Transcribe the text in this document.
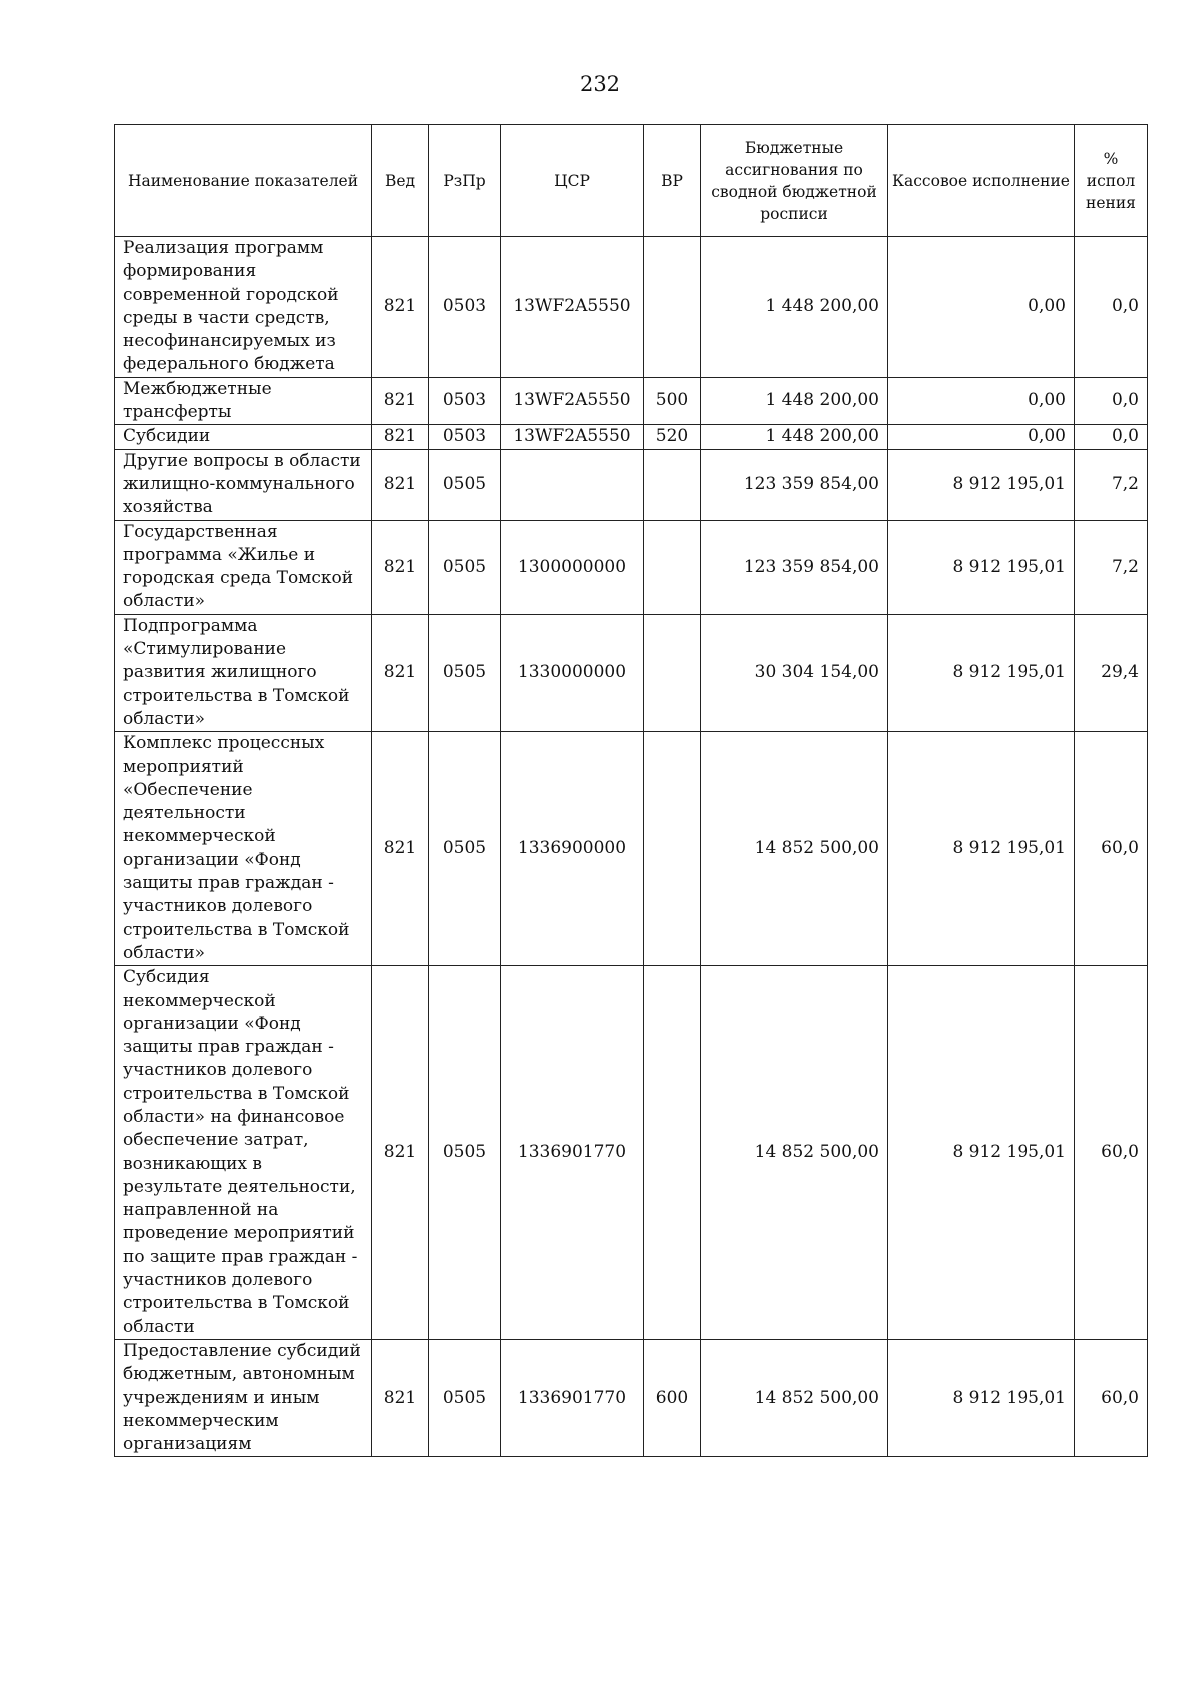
232
Наименование показателей	Вед	РзПр	ЦСР	ВР	Бюджетные ассигнования по сводной бюджетной росписи	Кассовое исполнение	% испол нения
Реализация программ формирования современной городской среды в части средств, несофинансируемых из федерального бюджета	821	0503	13WF2A5550		1 448 200,00	0,00	0,0
Межбюджетные трансферты	821	0503	13WF2A5550	500	1 448 200,00	0,00	0,0
Субсидии	821	0503	13WF2A5550	520	1 448 200,00	0,00	0,0
Другие вопросы в области жилищно-коммунального хозяйства	821	0505			123 359 854,00	8 912 195,01	7,2
Государственная программа «Жилье и городская среда Томской области»	821	0505	1300000000		123 359 854,00	8 912 195,01	7,2
Подпрограмма «Стимулирование развития жилищного строительства в Томской области»	821	0505	1330000000		30 304 154,00	8 912 195,01	29,4
Комплекс процессных мероприятий «Обеспечение деятельности некоммерческой организации «Фонд защиты прав граждан - участников долевого строительства в Томской области»	821	0505	1336900000		14 852 500,00	8 912 195,01	60,0
Субсидия некоммерческой организации «Фонд защиты прав граждан - участников долевого строительства в Томской области» на финансовое обеспечение затрат, возникающих в результате деятельности, направленной на проведение мероприятий по защите прав граждан - участников долевого строительства в Томской области	821	0505	1336901770		14 852 500,00	8 912 195,01	60,0
Предоставление субсидий бюджетным, автономным учреждениям и иным некоммерческим организациям	821	0505	1336901770	600	14 852 500,00	8 912 195,01	60,0
